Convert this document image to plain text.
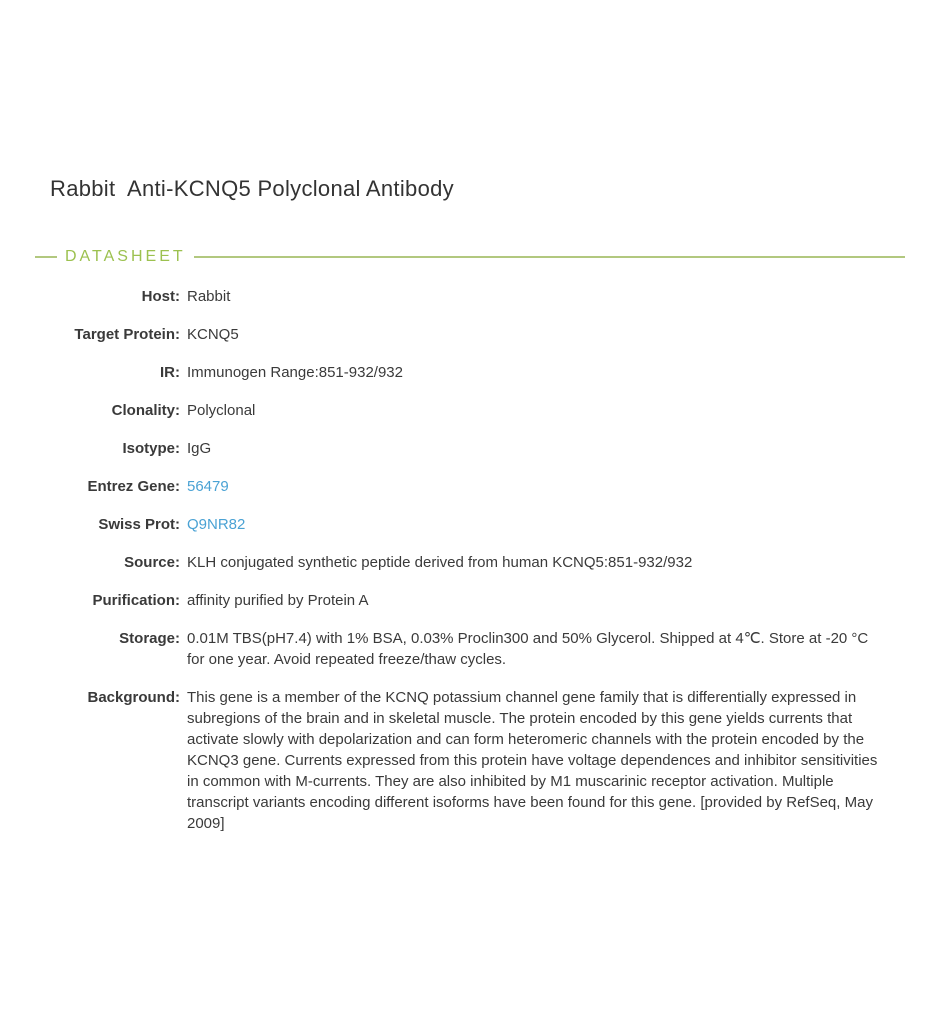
Rabbit  Anti-KCNQ5 Polyclonal Antibody
DATASHEET
Host: Rabbit
Target Protein: KCNQ5
IR: Immunogen Range:851-932/932
Clonality: Polyclonal
Isotype: IgG
Entrez Gene: 56479
Swiss Prot: Q9NR82
Source: KLH conjugated synthetic peptide derived from human KCNQ5:851-932/932
Purification: affinity purified by Protein A
Storage: 0.01M TBS(pH7.4) with 1% BSA, 0.03% Proclin300 and 50% Glycerol. Shipped at 4℃. Store at -20 °C for one year. Avoid repeated freeze/thaw cycles.
Background: This gene is a member of the KCNQ potassium channel gene family that is differentially expressed in subregions of the brain and in skeletal muscle. The protein encoded by this gene yields currents that activate slowly with depolarization and can form heteromeric channels with the protein encoded by the KCNQ3 gene. Currents expressed from this protein have voltage dependences and inhibitor sensitivities in common with M-currents. They are also inhibited by M1 muscarinic receptor activation. Multiple transcript variants encoding different isoforms have been found for this gene. [provided by RefSeq, May 2009]
